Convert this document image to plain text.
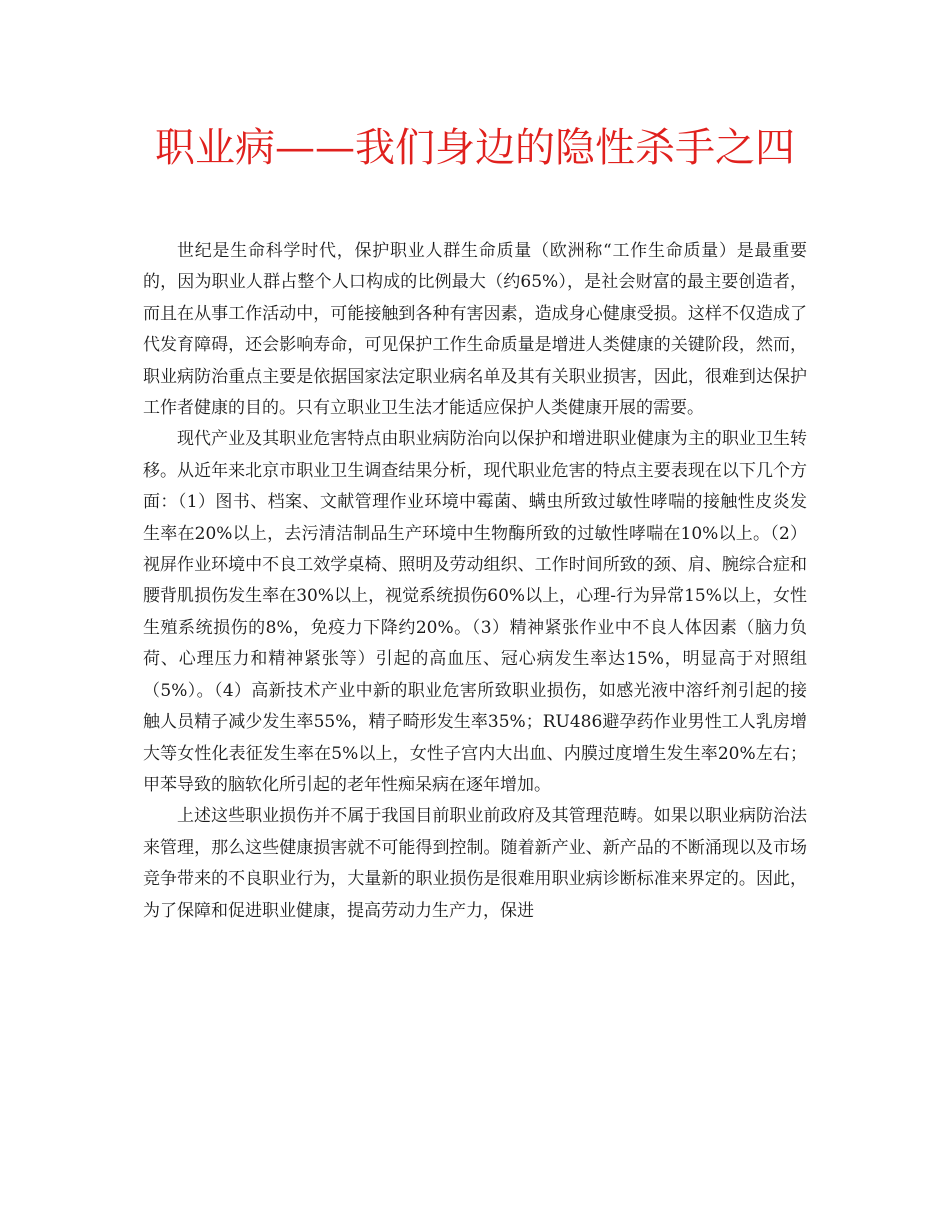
职业病——我们身边的隐性杀手之四

世纪是生命科学时代，保护职业人群生命质量（欧洲称“工作生命质量）是最重要的，因为职业人群占整个人口构成的比例最大（约65%），是社会财富的最主要创造者，而且在从事工作活动中，可能接触到各种有害因素，造成身心健康受损。这样不仅造成了代发育障碍，还会影响寿命，可见保护工作生命质量是增进人类健康的关键阶段，然而，职业病防治重点主要是依据国家法定职业病名单及其有关职业损害，因此，很难到达保护工作者健康的目的。只有立职业卫生法才能适应保护人类健康开展的需要。

现代产业及其职业危害特点由职业病防治向以保护和增进职业健康为主的职业卫生转移。从近年来北京市职业卫生调查结果分析，现代职业危害的特点主要表现在以下几个方面：（1）图书、档案、文献管理作业环境中霉菌、螨虫所致过敏性哮喘的接触性皮炎发生率在20%以上，去污清洁制品生产环境中生物酶所致的过敏性哮喘在10%以上。（2）视屏作业环境中不良工效学桌椅、照明及劳动组织、工作时间所致的颈、肩、腕综合症和腰背肌损伤发生率在30%以上，视觉系统损伤60%以上，心理-行为异常15%以上，女性生殖系统损伤的8%，免疫力下降约20%。（3）精神紧张作业中不良人体因素（脑力负荷、心理压力和精神紧张等）引起的高血压、冠心病发生率达15%，明显高于对照组（5%）。（4）高新技术产业中新的职业危害所致职业损伤，如感光液中溶纤剂引起的接触人员精子减少发生率55%，精子畸形发生率35%；RU486避孕药作业男性工人乳房增大等女性化表征发生率在5%以上，女性子宫内大出血、内膜过度增生发生率20%左右；甲苯导致的脑软化所引起的老年性痴呆病在逐年增加。

上述这些职业损伤并不属于我国目前职业前政府及其管理范畴。如果以职业病防治法来管理，那么这些健康损害就不可能得到控制。随着新产业、新产品的不断涌现以及市场竞争带来的不良职业行为，大量新的职业损伤是很难用职业病诊断标准来界定的。因此，为了保障和促进职业健康，提高劳动力生产力，保进
